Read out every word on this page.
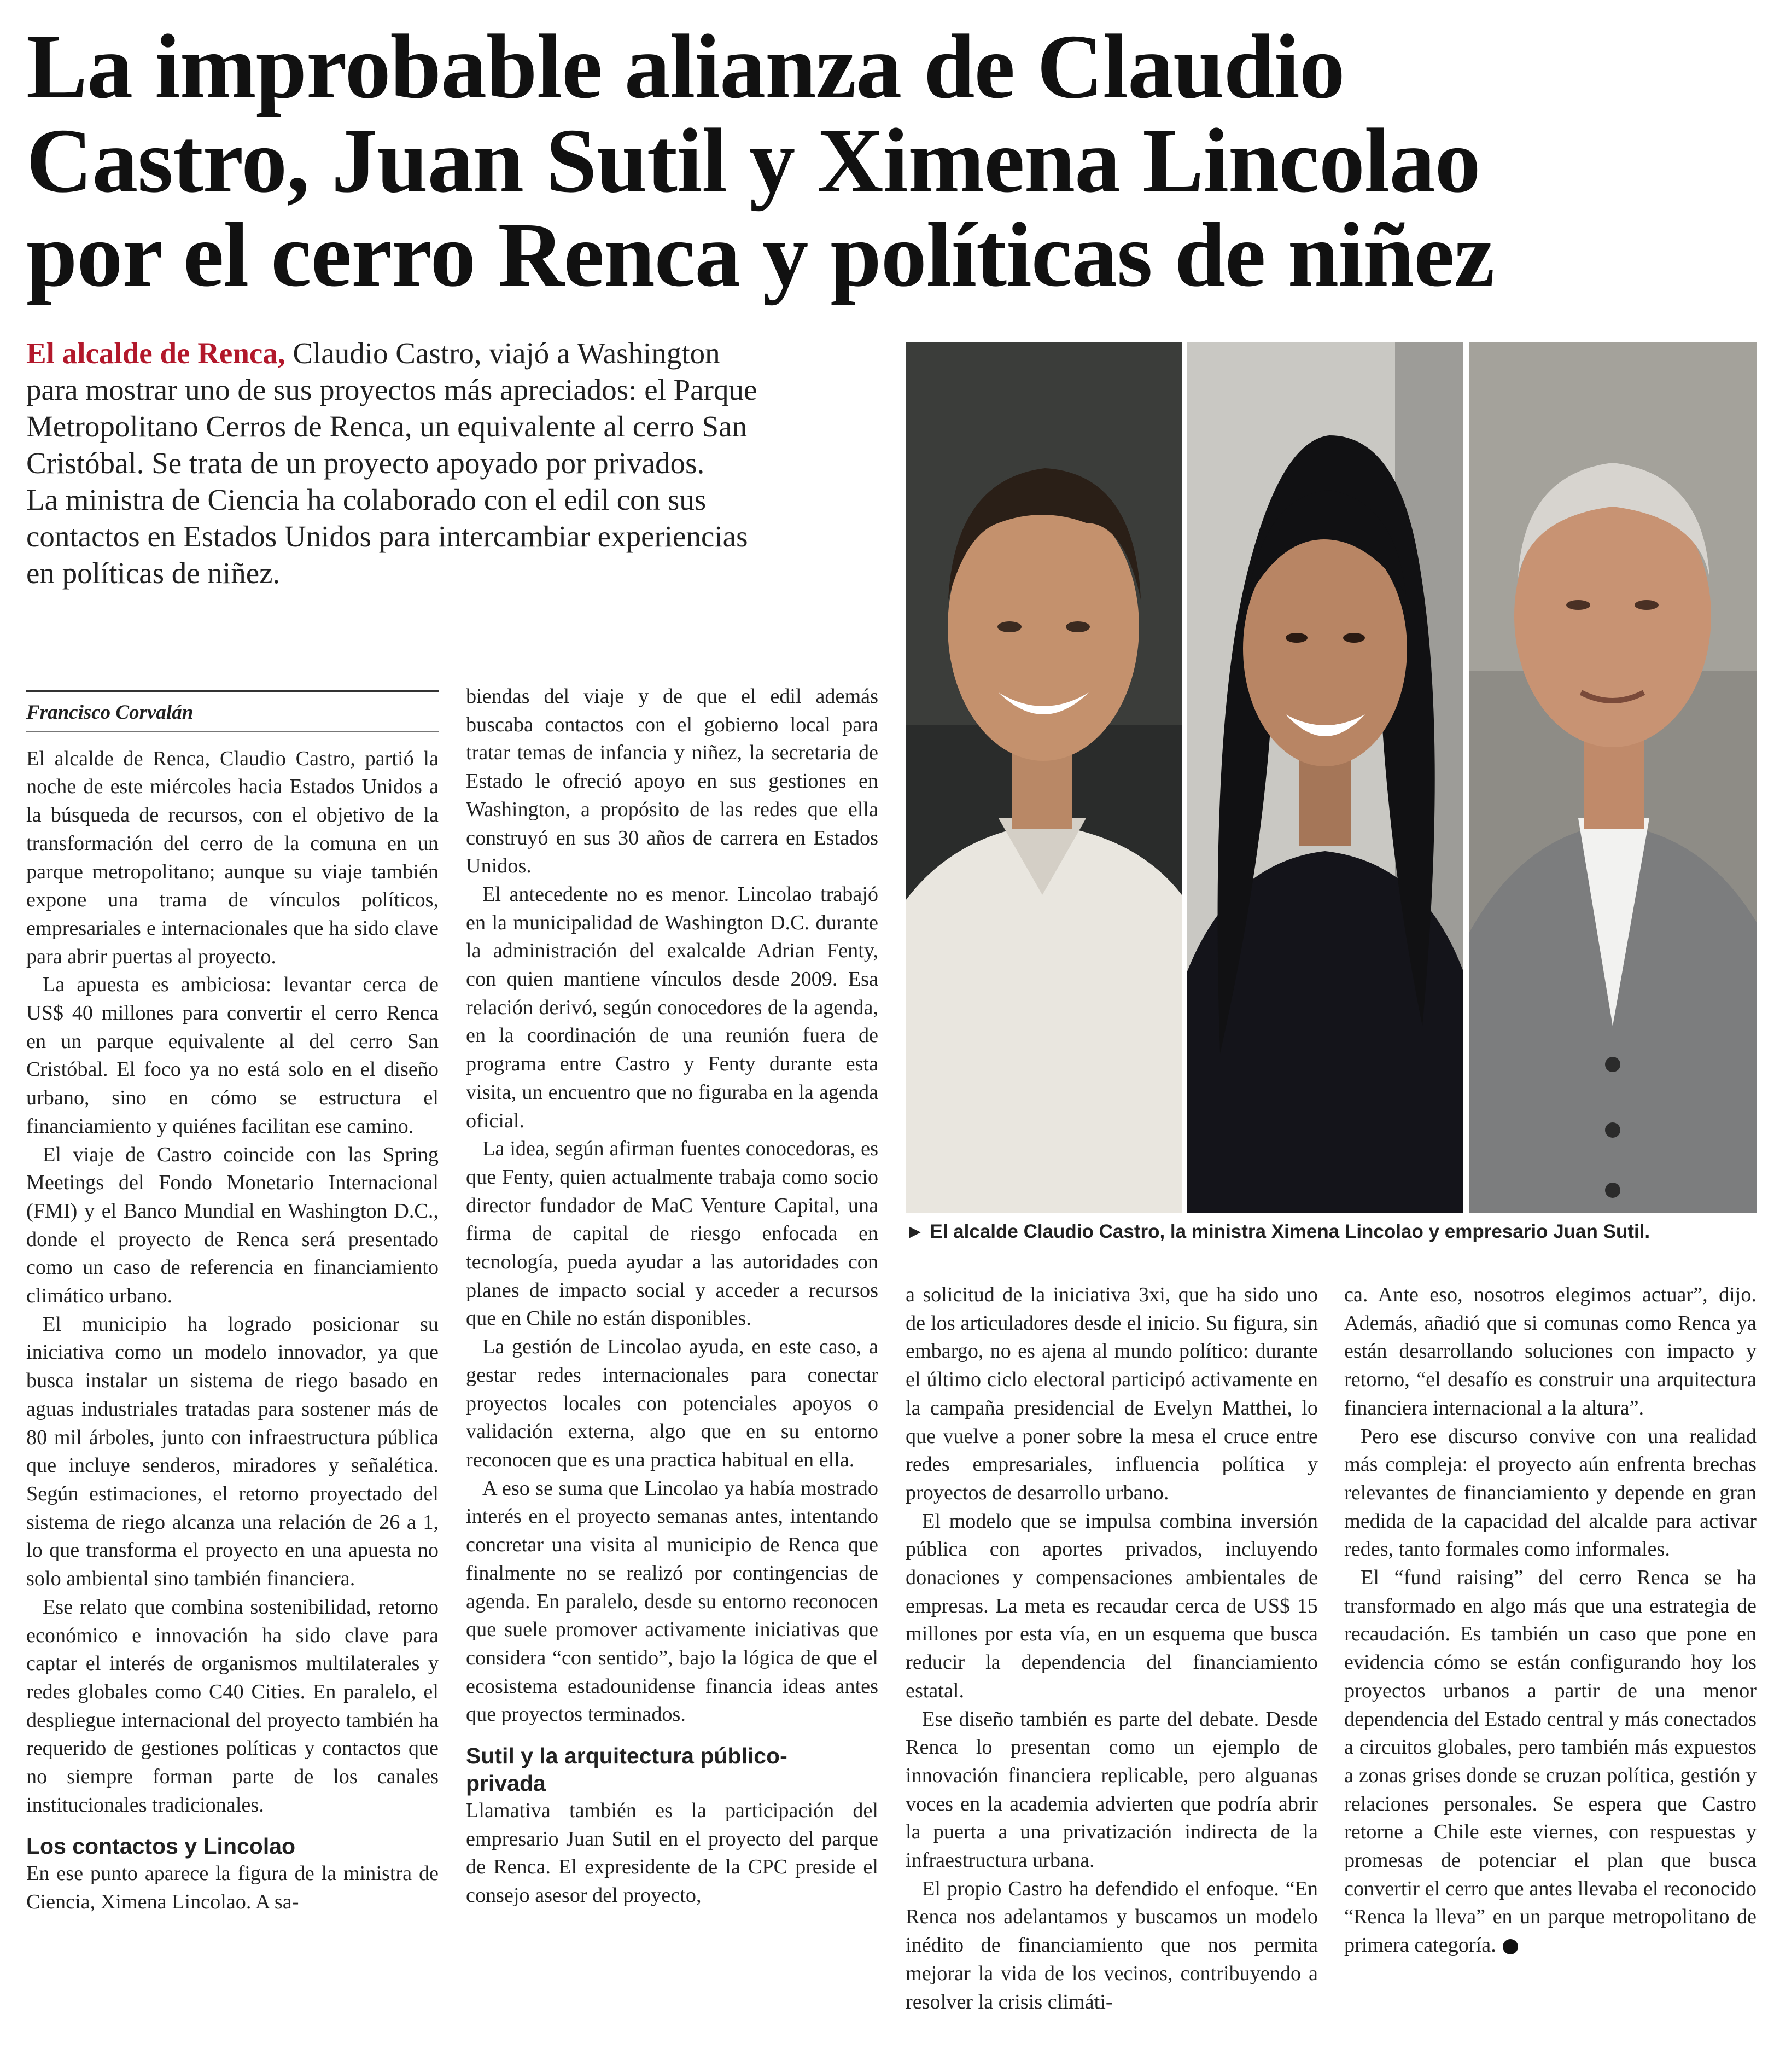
La improbable alianza de Claudio
Castro, Juan Sutil y Ximena Lincolao
por el cerro Renca y políticas de niñez
El alcalde de Renca, Claudio Castro, viajó a Washington
para mostrar uno de sus proyectos más apreciados: el Parque
Metropolitano Cerros de Renca, un equivalente al cerro San
Cristóbal. Se trata de un proyecto apoyado por privados.
La ministra de Ciencia ha colaborado con el edil con sus
contactos en Estados Unidos para intercambiar experiencias
en políticas de niñez.
► El alcalde Claudio Castro, la ministra Ximena Lincolao y empresario Juan Sutil.
Francisco Corvalán

El alcalde de Renca, Claudio Castro, partió la noche de este miércoles hacia Estados Unidos a la búsqueda de recursos, con el objetivo de la transformación del cerro de la comuna en un parque metropolitano; aunque su viaje también expone una trama de vínculos políticos, empresariales e internacionales que ha sido clave para abrir puertas al proyecto.

La apuesta es ambiciosa: levantar cerca de US$ 40 millones para convertir el cerro Renca en un parque equivalente al del cerro San Cristóbal. El foco ya no está solo en el diseño urbano, sino en cómo se estructura el financiamiento y quiénes facilitan ese camino.

El viaje de Castro coincide con las Spring Meetings del Fondo Monetario Internacional (FMI) y el Banco Mundial en Washington D.C., donde el proyecto de Renca será presentado como un caso de referencia en financiamiento climático urbano.

El municipio ha logrado posicionar su iniciativa como un modelo innovador, ya que busca instalar un sistema de riego basado en aguas industriales tratadas para sostener más de 80 mil árboles, junto con infraestructura pública que incluye senderos, miradores y señalética. Según estimaciones, el retorno proyectado del sistema de riego alcanza una relación de 26 a 1, lo que transforma el proyecto en una apuesta no solo ambiental sino también financiera.

Ese relato que combina sostenibilidad, retorno económico e innovación ha sido clave para captar el interés de organismos multilaterales y redes globales como C40 Cities. En paralelo, el despliegue internacional del proyecto también ha requerido de gestiones políticas y contactos que no siempre forman parte de los canales institucionales tradicionales.

Los contactos y Lincolao

En ese punto aparece la figura de la ministra de Ciencia, Ximena Lincolao. A sa-

biendas del viaje y de que el edil además buscaba contactos con el gobierno local para tratar temas de infancia y niñez, la secretaria de Estado le ofreció apoyo en sus gestiones en Washington, a propósito de las redes que ella construyó en sus 30 años de carrera en Estados Unidos.

El antecedente no es menor. Lincolao trabajó en la municipalidad de Washington D.C. durante la administración del exalcalde Adrian Fenty, con quien mantiene vínculos desde 2009. Esa relación derivó, según conocedores de la agenda, en la coordinación de una reunión fuera de programa entre Castro y Fenty durante esta visita, un encuentro que no figuraba en la agenda oficial.

La idea, según afirman fuentes conocedoras, es que Fenty, quien actualmente trabaja como socio director fundador de MaC Venture Capital, una firma de capital de riesgo enfocada en tecnología, pueda ayudar a las autoridades con planes de impacto social y acceder a recursos que en Chile no están disponibles.

La gestión de Lincolao ayuda, en este caso, a gestar redes internacionales para conectar proyectos locales con potenciales apoyos o validación externa, algo que en su entorno reconocen que es una practica habitual en ella.

A eso se suma que Lincolao ya había mostrado interés en el proyecto semanas antes, intentando concretar una visita al municipio de Renca que finalmente no se realizó por contingencias de agenda. En paralelo, desde su entorno reconocen que suele promover activamente iniciativas que considera “con sentido”, bajo la lógica de que el ecosistema estadounidense financia ideas antes que proyectos terminados.

Sutil y la arquitectura público-
privada

Llamativa también es la participación del empresario Juan Sutil en el proyecto del parque de Renca. El expresidente de la CPC preside el consejo asesor del proyecto,

a solicitud de la iniciativa 3xi, que ha sido uno de los articuladores desde el inicio. Su figura, sin embargo, no es ajena al mundo político: durante el último ciclo electoral participó activamente en la campaña presidencial de Evelyn Matthei, lo que vuelve a poner sobre la mesa el cruce entre redes empresariales, influencia política y proyectos de desarrollo urbano.

El modelo que se impulsa combina inversión pública con aportes privados, incluyendo donaciones y compensaciones ambientales de empresas. La meta es recaudar cerca de US$ 15 millones por esta vía, en un esquema que busca reducir la dependencia del financiamiento estatal.

Ese diseño también es parte del debate. Desde Renca lo presentan como un ejemplo de innovación financiera replicable, pero alguanas voces en la academia advierten que podría abrir la puerta a una privatización indirecta de la infraestructura urbana.

El propio Castro ha defendido el enfoque. “En Renca nos adelantamos y buscamos un modelo inédito de financiamiento que nos permita mejorar la vida de los vecinos, contribuyendo a resolver la crisis climáti-

ca. Ante eso, nosotros elegimos actuar”, dijo. Además, añadió que si comunas como Renca ya están desarrollando soluciones con impacto y retorno, “el desafío es construir una arquitectura financiera internacional a la altura”.

Pero ese discurso convive con una realidad más compleja: el proyecto aún enfrenta brechas relevantes de financiamiento y depende en gran medida de la capacidad del alcalde para activar redes, tanto formales como informales.

El “fund raising” del cerro Renca se ha transformado en algo más que una estrategia de recaudación. Es también un caso que pone en evidencia cómo se están configurando hoy los proyectos urbanos a partir de una menor dependencia del Estado central y más conectados a circuitos globales, pero también más expuestos a zonas grises donde se cruzan política, gestión y relaciones personales. Se espera que Castro retorne a Chile este viernes, con respuestas y promesas de potenciar el plan que busca convertir el cerro que antes llevaba el reconocido “Renca la lleva” en un parque metropolitano de primera categoría.
